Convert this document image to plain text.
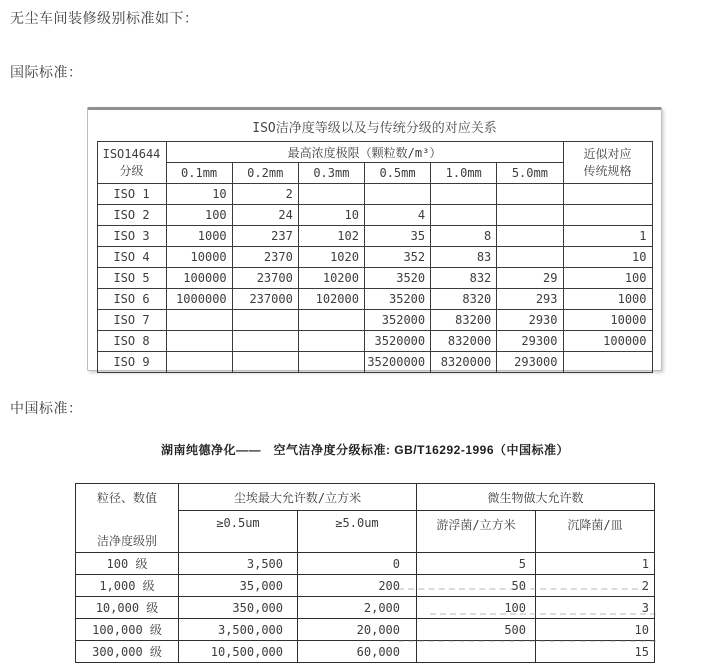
无尘车间装修级别标准如下：
国际标准：
ISO洁净度等级以及与传统分级的对应关系
ISO14644
分级	最高浓度极限（颗粒数/m³）						近似对应
传统规格
	0.1mm	0.2mm	0.3mm	0.5mm	1.0mm	5.0mm	
ISO 1	10	2					
ISO 2	100	24	10	4			
ISO 3	1000	237	102	35	8		1
ISO 4	10000	2370	1020	352	83		10
ISO 5	100000	23700	10200	3520	832	29	100
ISO 6	1000000	237000	102000	35200	8320	293	1000
ISO 7				352000	83200	2930	10000
ISO 8				3520000	832000	29300	100000
ISO 9				35200000	8320000	293000	
中国标准：
湖南纯德净化——　空气洁净度分级标准: GB/T16292-1996（中国标准）
粒径、数值
洁净度级别	尘埃最大允许数/立方米		微生物做大允许数	
	≥0.5um	≥5.0um	游浮菌/立方米	沉降菌/皿
100 级	3,500	0	5	1
1,000 级	35,000	200	50	2
10,000 级	350,000	2,000	100	3
100,000 级	3,500,000	20,000	500	10
300,000 级	10,500,000	60,000		15
